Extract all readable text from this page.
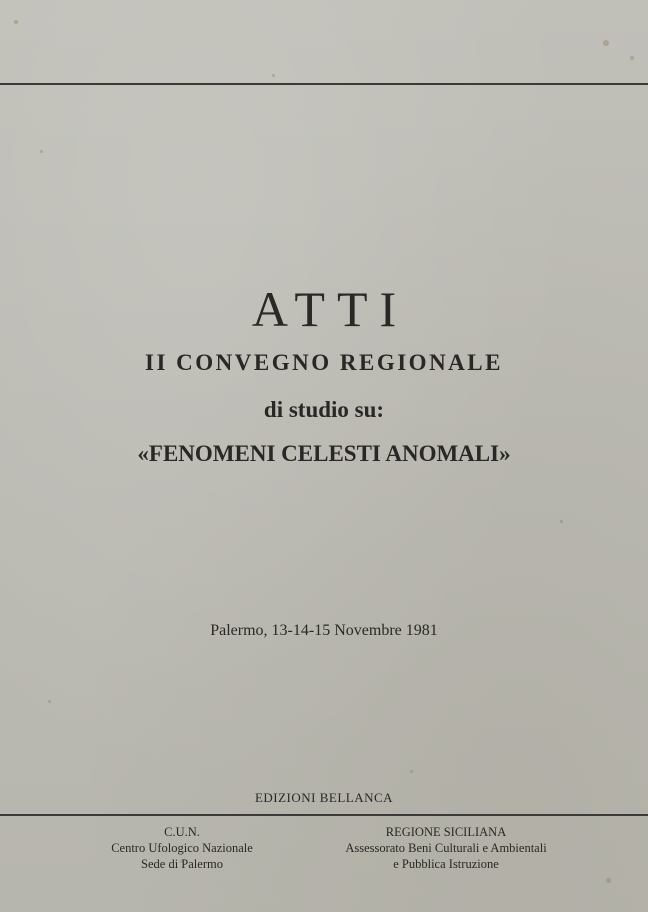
ATTI
II CONVEGNO REGIONALE
di studio su:
«FENOMENI CELESTI ANOMALI»
Palermo, 13-14-15 Novembre 1981
EDIZIONI BELLANCA
C.U.N.
Centro Ufologico Nazionale
Sede di Palermo
REGIONE SICILIANA
Assessorato Beni Culturali e Ambientali
e Pubblica Istruzione
